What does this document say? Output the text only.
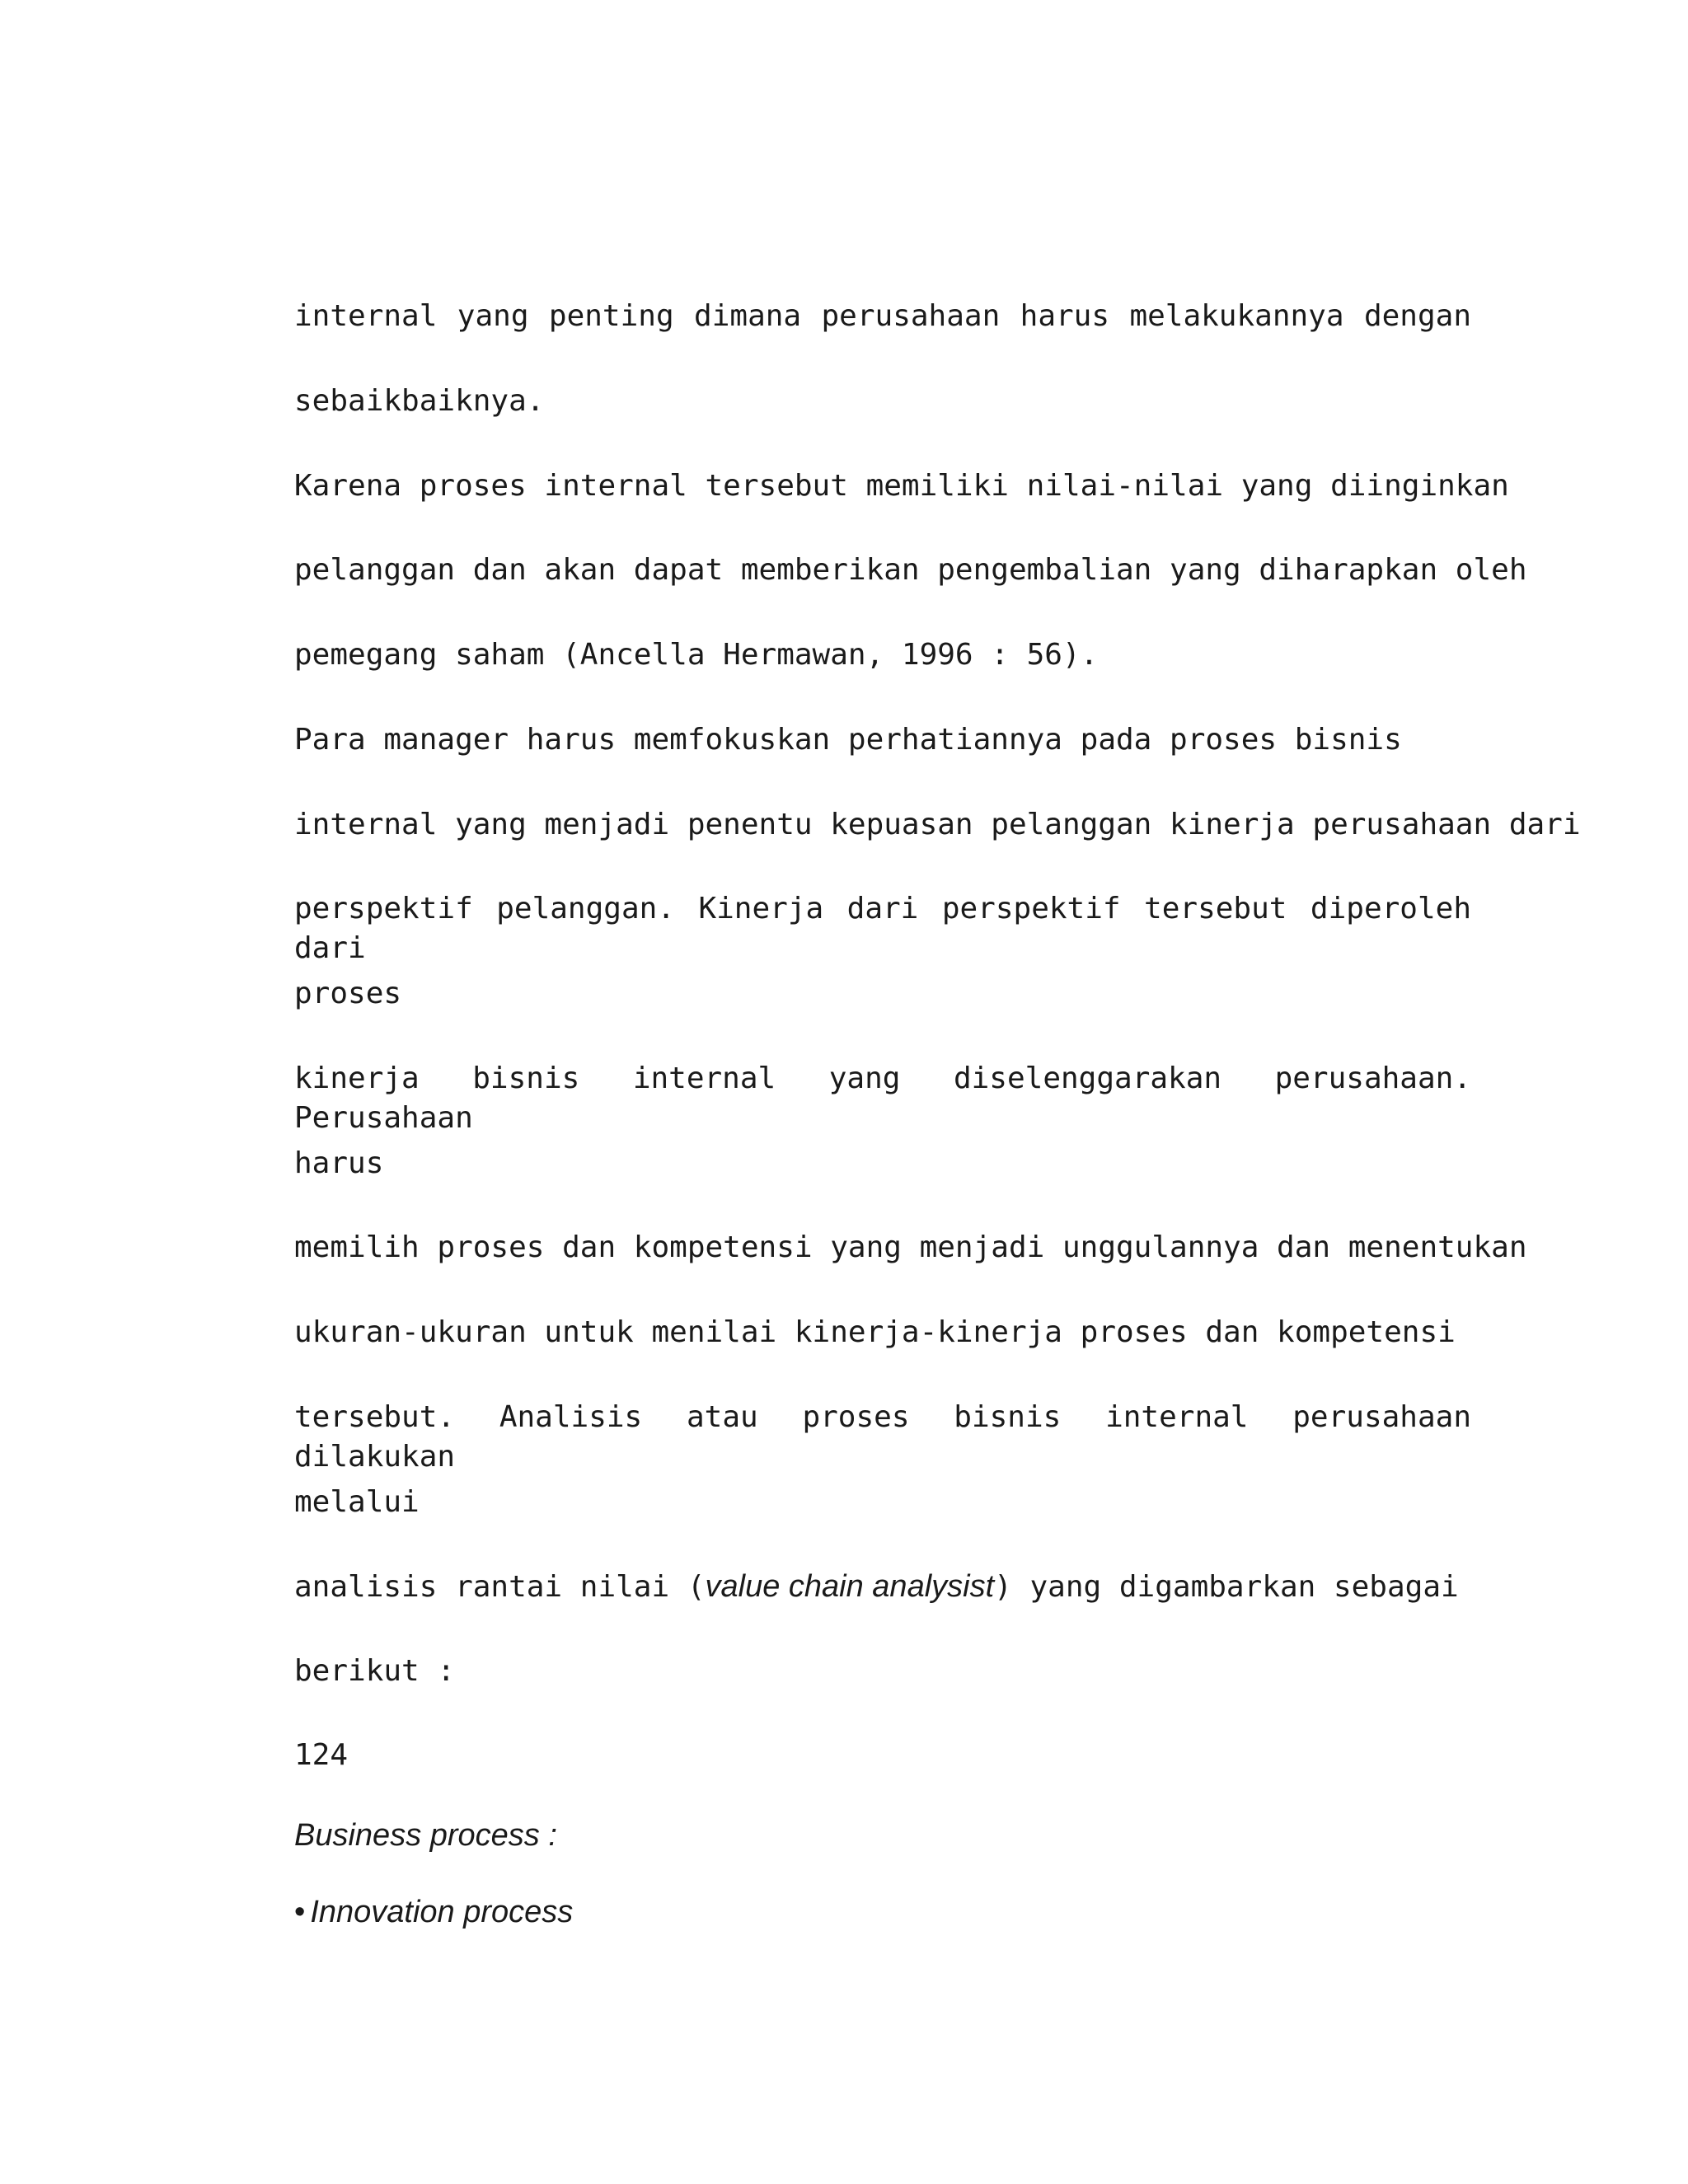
internal yang penting dimana perusahaan harus melakukannya dengan

sebaikbaiknya.

Karena proses internal tersebut memiliki nilai-nilai yang diinginkan

pelanggan dan akan dapat memberikan pengembalian yang diharapkan oleh

pemegang saham (Ancella Hermawan, 1996 : 56).

Para manager harus memfokuskan perhatiannya pada proses bisnis

internal yang menjadi penentu kepuasan pelanggan kinerja perusahaan dari

perspektif pelanggan. Kinerja dari perspektif tersebut diperoleh dari

proses

kinerja bisnis internal yang diselenggarakan perusahaan. Perusahaan

harus

memilih proses dan kompetensi yang menjadi unggulannya dan menentukan

ukuran-ukuran untuk menilai kinerja-kinerja proses dan kompetensi

tersebut. Analisis atau proses bisnis internal perusahaan dilakukan

melalui

analisis rantai nilai (value chain analysist) yang digambarkan sebagai

berikut :

124

Business process :

• Innovation process
